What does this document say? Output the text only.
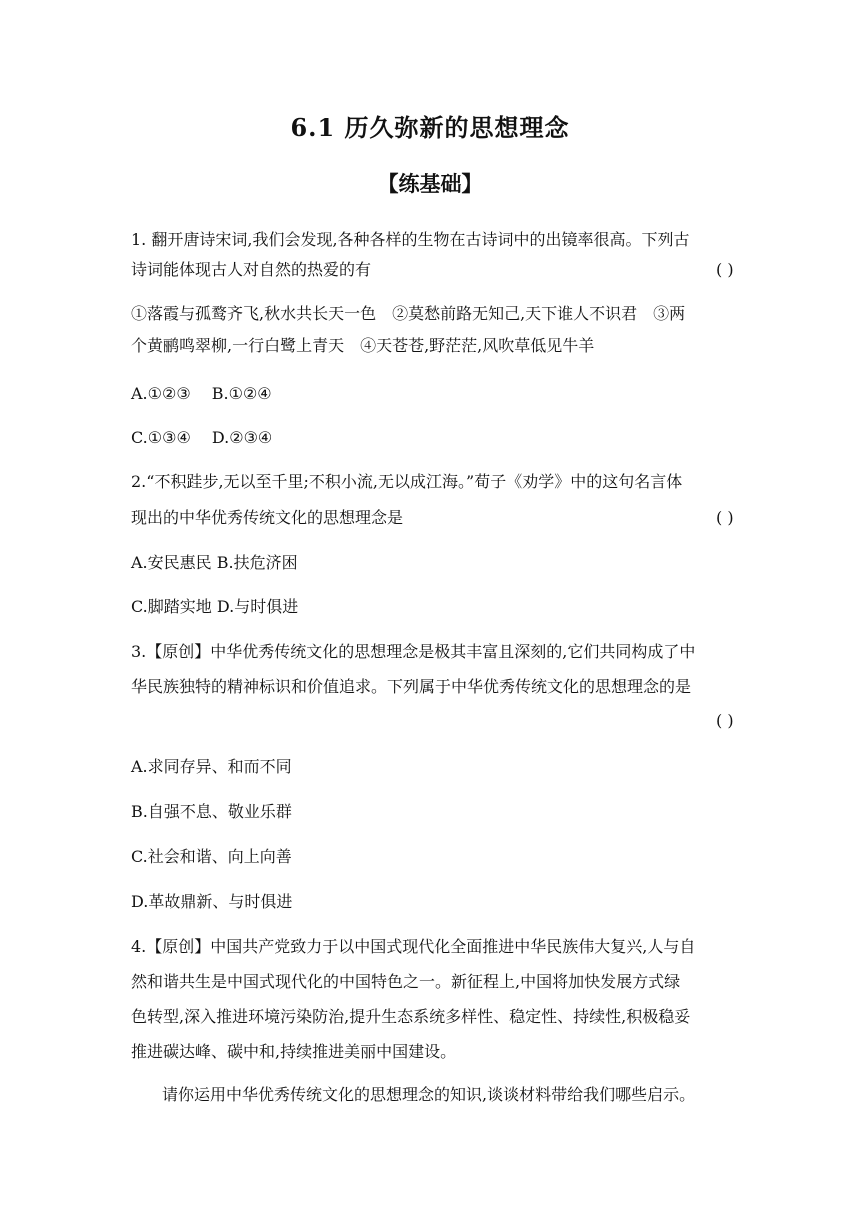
6.1 历久弥新的思想理念
【练基础】
1. 翻开唐诗宋词,我们会发现,各种各样的生物在古诗词中的出镜率很高。下列古
诗词能体现古人对自然的热爱的有	( )
①落霞与孤鹜齐飞,秋水共长天一色　②莫愁前路无知己,天下谁人不识君　③两
个黄鹂鸣翠柳,一行白鹭上青天　④天苍苍,野茫茫,风吹草低见牛羊
A.①②③　 B.①②④
C.①③④　 D.②③④
2.“不积跬步,无以至千里;不积小流,无以成江海。”荀子《劝学》中的这句名言体
现出的中华优秀传统文化的思想理念是	( )
A.安民惠民 B.扶危济困
C.脚踏实地 D.与时俱进
3.【原创】中华优秀传统文化的思想理念是极其丰富且深刻的,它们共同构成了中
华民族独特的精神标识和价值追求。下列属于中华优秀传统文化的思想理念的是
( )
A.求同存异、和而不同
B.自强不息、敬业乐群
C.社会和谐、向上向善
D.革故鼎新、与时俱进
4.【原创】中国共产党致力于以中国式现代化全面推进中华民族伟大复兴,人与自
然和谐共生是中国式现代化的中国特色之一。新征程上,中国将加快发展方式绿
色转型,深入推进环境污染防治,提升生态系统多样性、稳定性、持续性,积极稳妥
推进碳达峰、碳中和,持续推进美丽中国建设。
请你运用中华优秀传统文化的思想理念的知识,谈谈材料带给我们哪些启示。
